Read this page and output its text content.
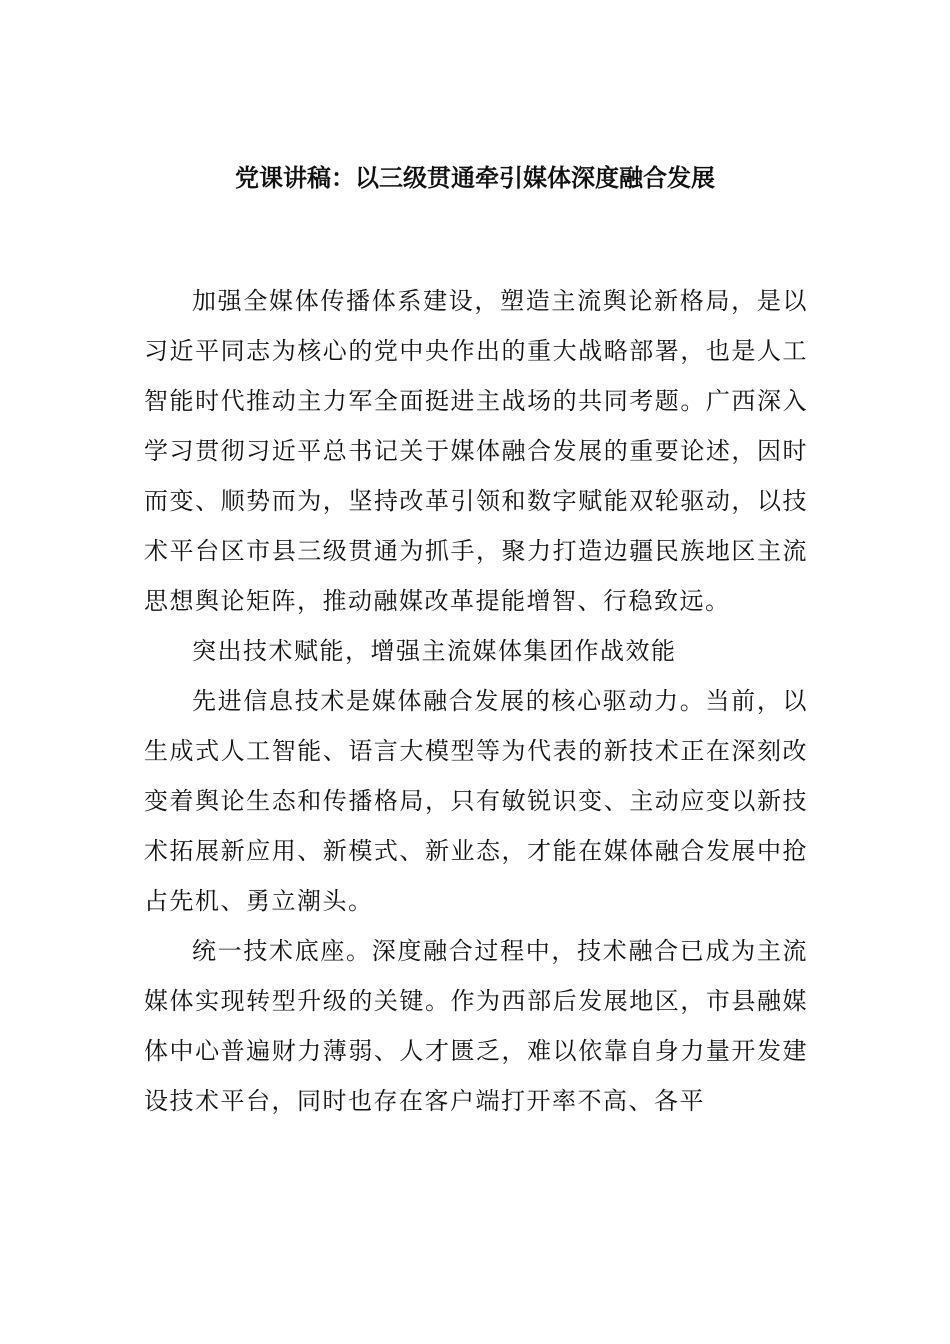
党课讲稿：以三级贯通牵引媒体深度融合发展

加强全媒体传播体系建设，塑造主流舆论新格局，是以习近平同志为核心的党中央作出的重大战略部署，也是人工智能时代推动主力军全面挺进主战场的共同考题。广西深入学习贯彻习近平总书记关于媒体融合发展的重要论述，因时而变、顺势而为，坚持改革引领和数字赋能双轮驱动，以技术平台区市县三级贯通为抓手，聚力打造边疆民族地区主流思想舆论矩阵，推动融媒改革提能增智、行稳致远。

突出技术赋能，增强主流媒体集团作战效能

先进信息技术是媒体融合发展的核心驱动力。当前，以生成式人工智能、语言大模型等为代表的新技术正在深刻改变着舆论生态和传播格局，只有敏锐识变、主动应变以新技术拓展新应用、新模式、新业态，才能在媒体融合发展中抢占先机、勇立潮头。

统一技术底座。深度融合过程中，技术融合已成为主流媒体实现转型升级的关键。作为西部后发展地区，市县融媒体中心普遍财力薄弱、人才匮乏，难以依靠自身力量开发建设技术平台，同时也存在客户端打开率不高、各平
